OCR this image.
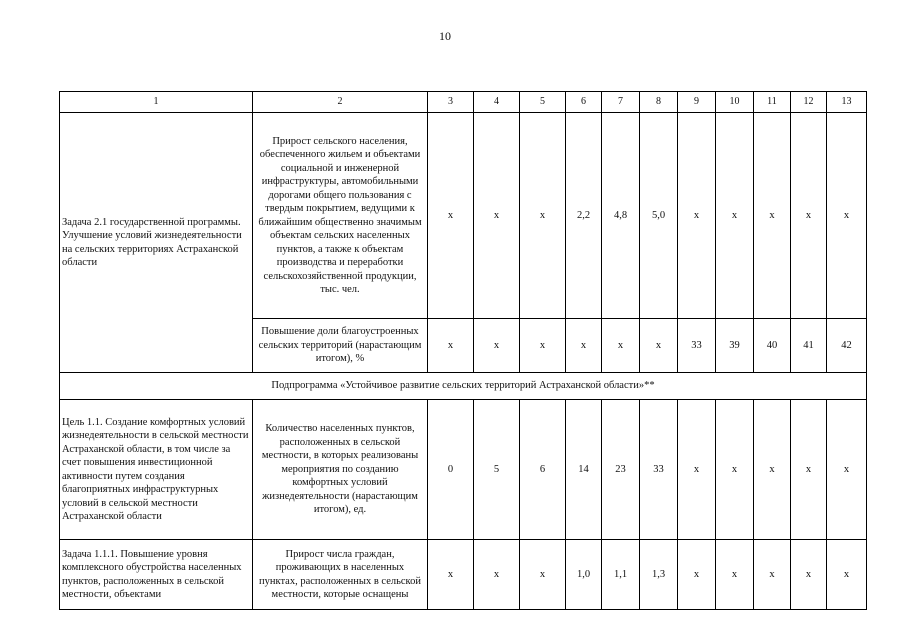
10
1	2	3	4	5	6	7	8	9	10	11	12	13
Задача 2.1 государственной программы. Улучшение условий жизнедеятельности на сельских территориях Астраханской области	Прирост сельского населения, обеспеченного жильем и объектами социальной и инженерной инфраструктуры, автомобильными дорогами общего пользования с твердым покрытием, ведущими к ближайшим общественно значимым объектам сельских населенных пунктов, а также к объектам производства и переработки сельскохозяйственной продукции, тыс. чел.	х	х	х	2,2	4,8	5,0	х	х	х	х	х
	Повышение доли благоустроенных сельских территорий (нарастающим итогом), %	х	х	х	х	х	х	33	39	40	41	42
Подпрограмма «Устойчивое развитие сельских территорий Астраханской области»**												
Цель 1.1. Создание комфортных условий жизнедеятельности в сельской местности Астраханской области, в том числе за счет повышения инвестиционной активности путем создания благоприятных инфраструктурных условий в сельской местности Астраханской области	Количество населенных пунктов, расположенных в сельской местности, в которых реализованы мероприятия по созданию комфортных условий жизнедеятельности (нарастающим итогом), ед.	0	5	6	14	23	33	х	х	х	х	х
Задача 1.1.1. Повышение уровня комплексного обустройства населенных пунктов, расположенных в сельской местности, объектами	Прирост числа граждан, проживающих в населенных пунктах, расположенных в сельской местности, которые оснащены	х	х	х	1,0	1,1	1,3	х	х	х	х	х
